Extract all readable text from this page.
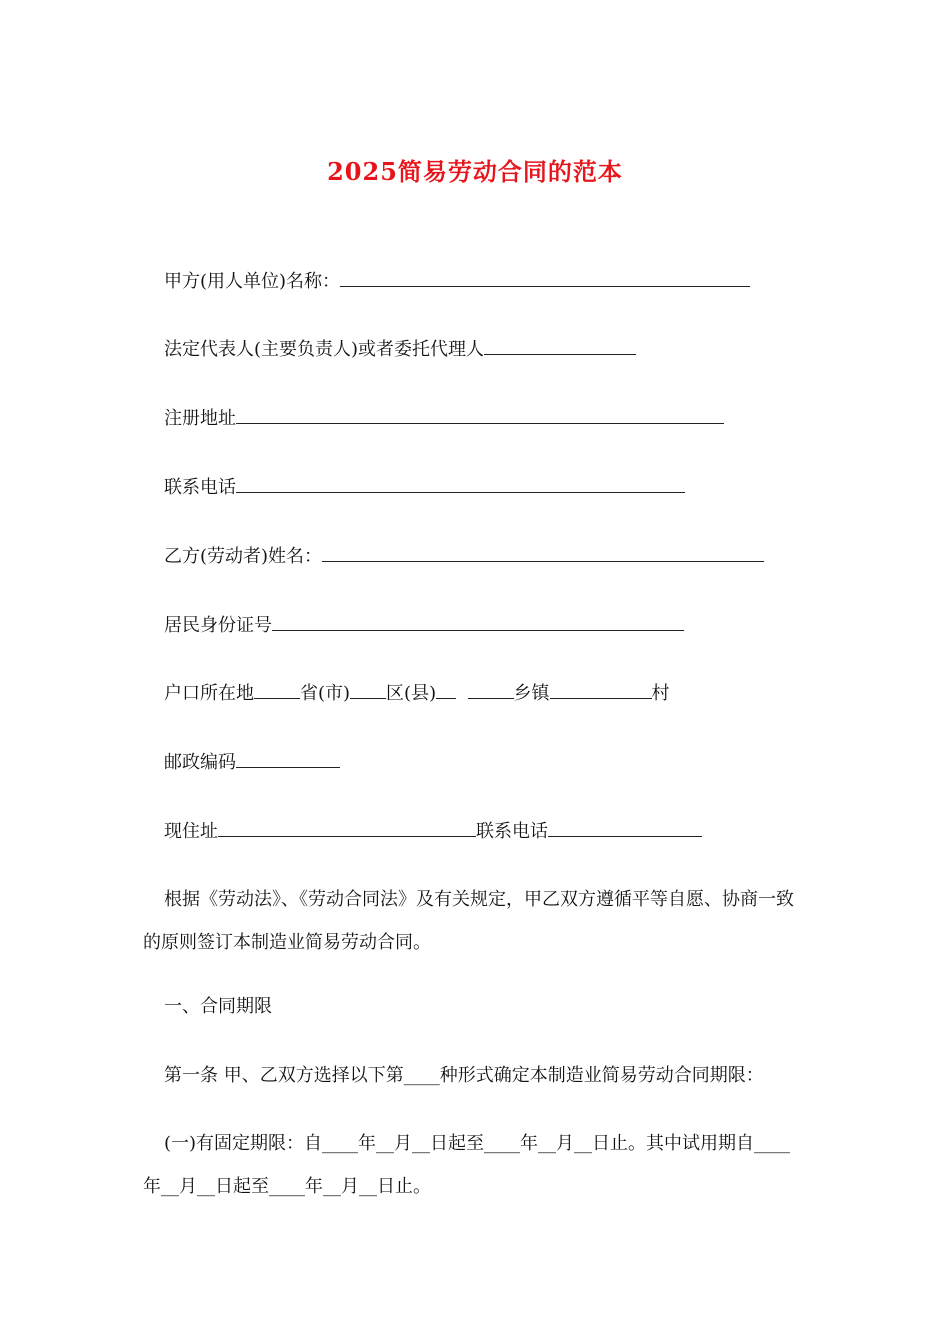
2025简易劳动合同的范本
甲方(用人单位)名称：
法定代表人(主要负责人)或者委托代理人
注册地址
联系电话
乙方(劳动者)姓名：
居民身份证号
户口所在地	省(市) 区(县)	乡镇	村
邮政编码
现住址	联系电话
根据《劳动法》、《劳动合同法》及有关规定，甲乙双方遵循平等自愿、协商一致的原则签订本制造业简易劳动合同。
一、合同期限
第一条 甲、乙双方选择以下第____种形式确定本制造业简易劳动合同期限：
(一)有固定期限：自____年__月__日起至____年__月__日止。其中试用期自____年__月__日起至____年__月__日止。
